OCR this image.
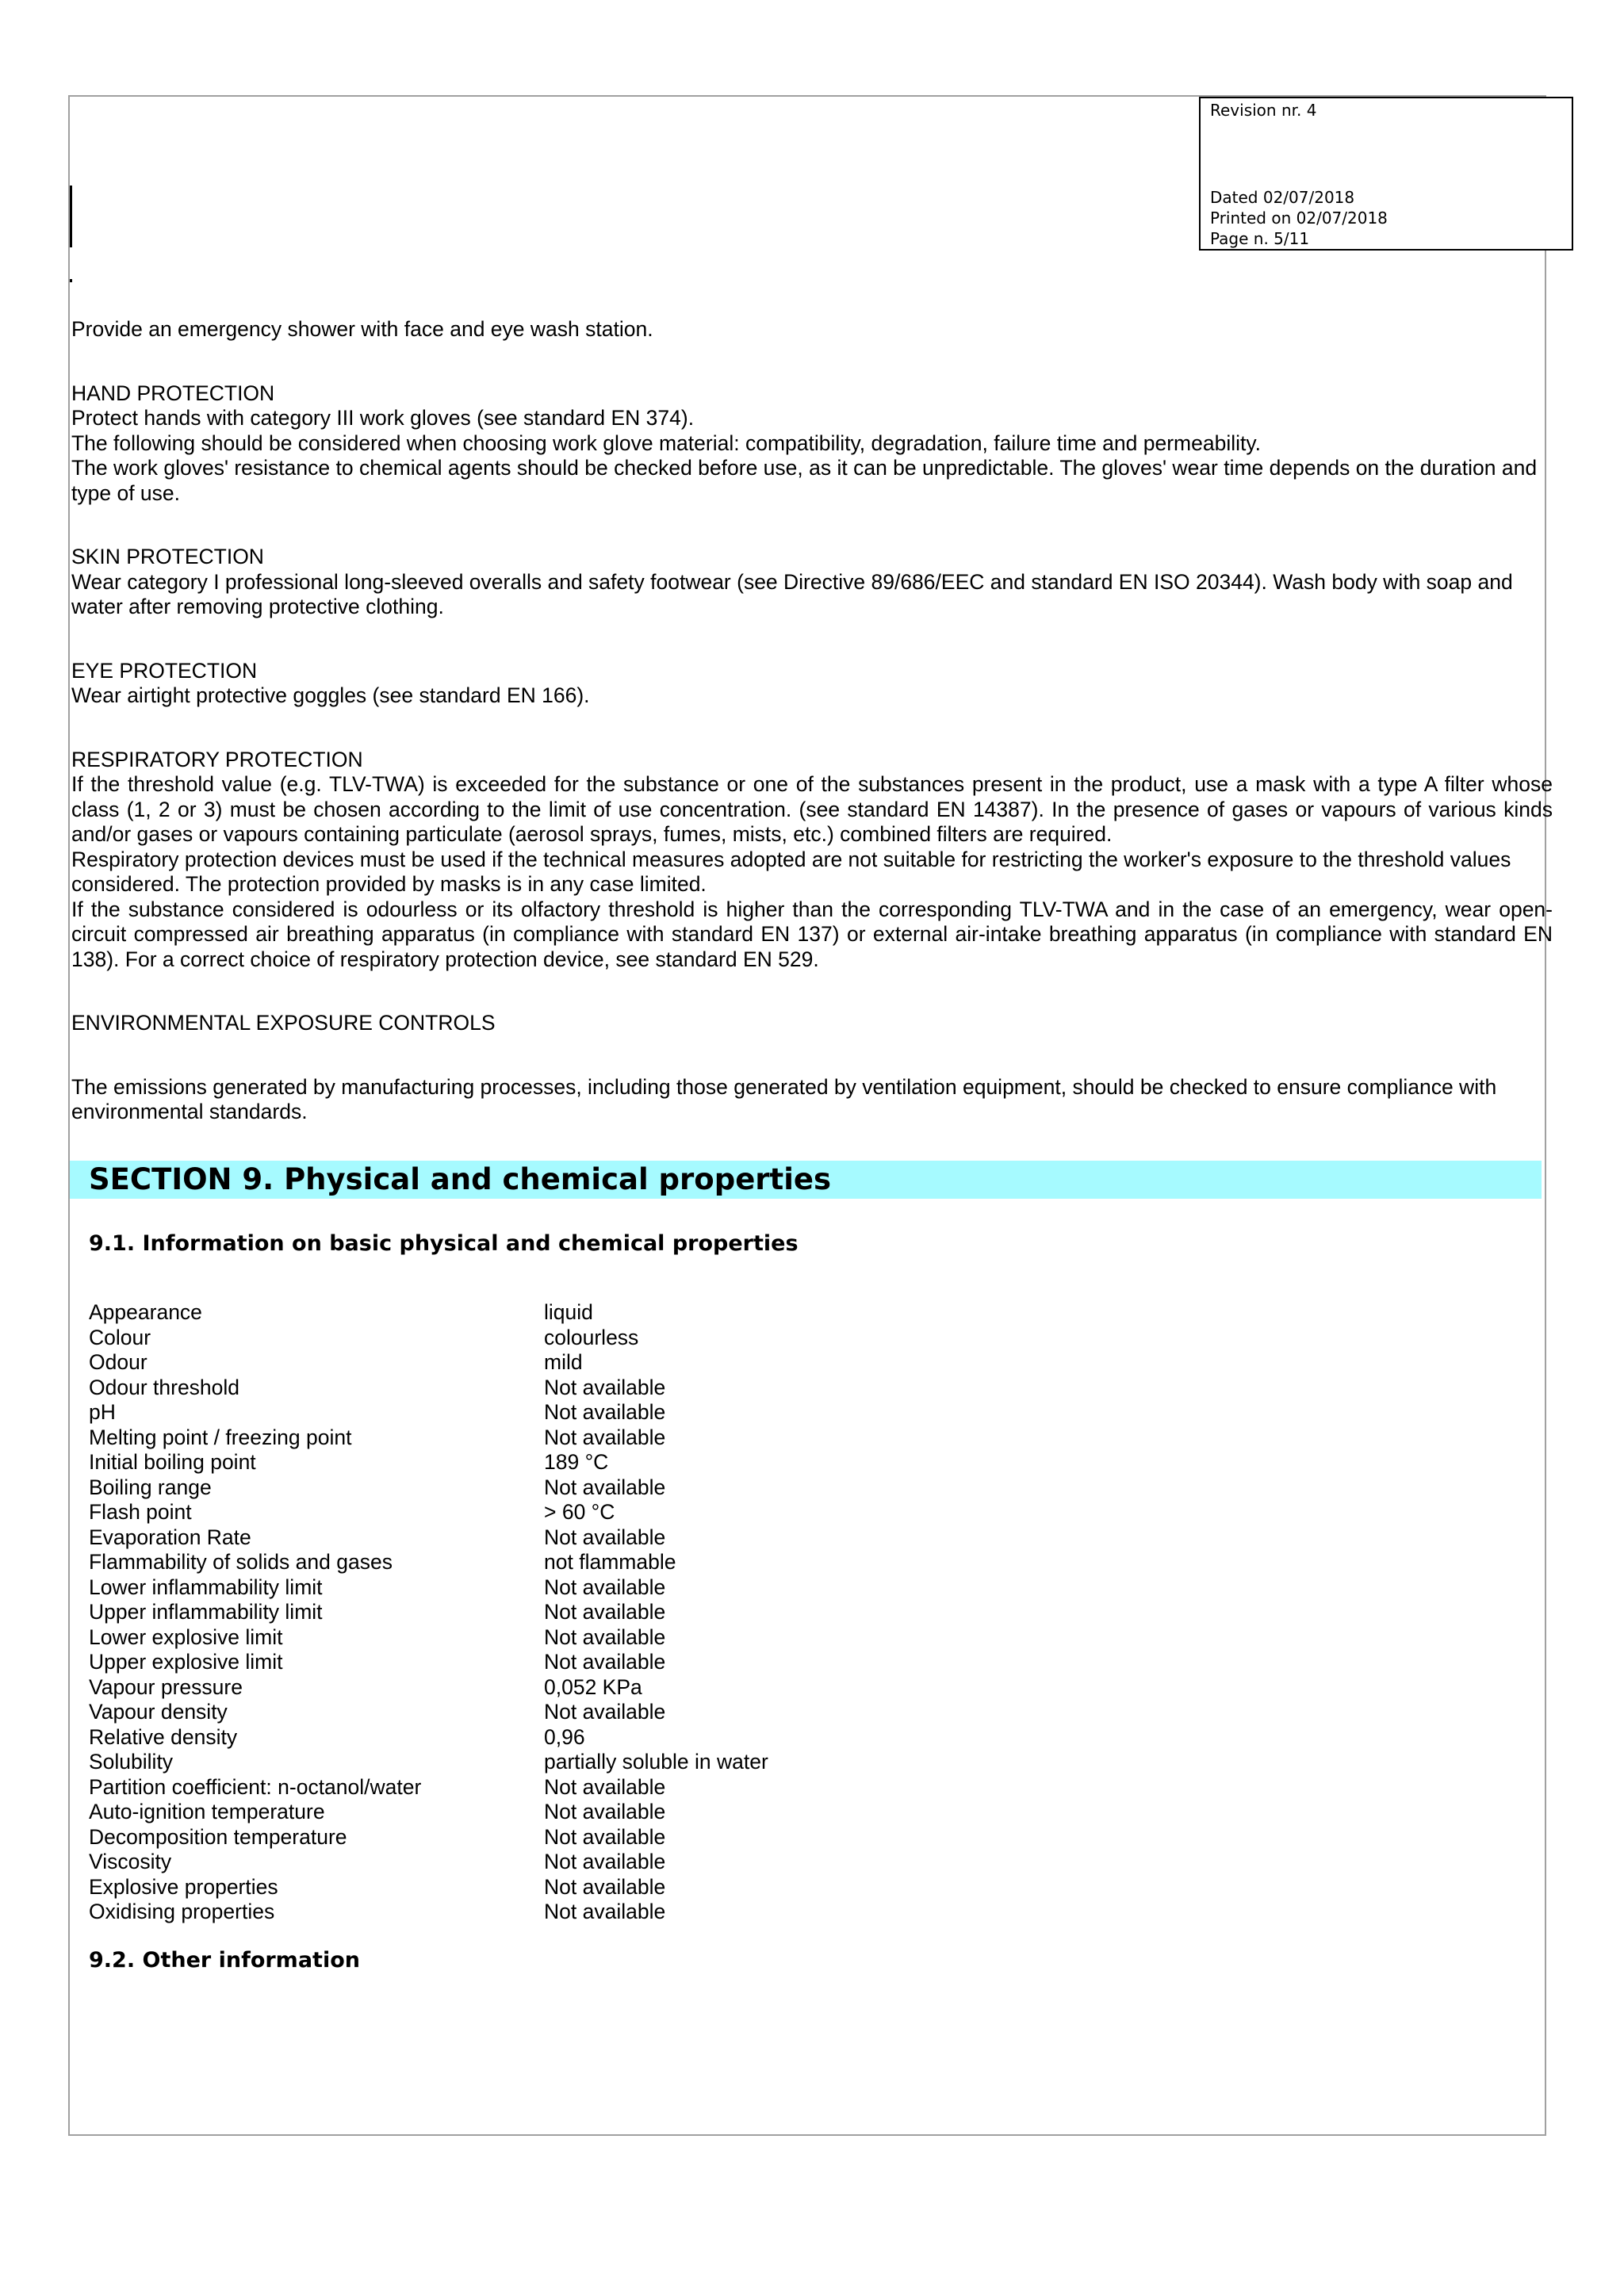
Revision nr. 4
Dated 02/07/2018
Printed on 02/07/2018
Page n. 5/11

Provide an emergency shower with face and eye wash station.

HAND PROTECTION

Protect hands with category III work gloves (see standard EN 374).

The following should be considered when choosing work glove material: compatibility, degradation, failure time and permeability.

The work gloves' resistance to chemical agents should be checked before use, as it can be unpredictable. The gloves' wear time depends on the duration and type of use.

SKIN PROTECTION

Wear category I professional long-sleeved overalls and safety footwear (see Directive 89/686/EEC and standard EN ISO 20344). Wash body with soap and water after removing protective clothing.

EYE PROTECTION

Wear airtight protective goggles (see standard EN 166).

RESPIRATORY PROTECTION

If the threshold value (e.g. TLV-TWA) is exceeded for the substance or one of the substances present in the product, use a mask with a type A filter whose class (1, 2 or 3) must be chosen according to the limit of use concentration. (see standard EN 14387). In the presence of gases or vapours of various kinds and/or gases or vapours containing particulate (aerosol sprays, fumes, mists, etc.) combined filters are required.

Respiratory protection devices must be used if the technical measures adopted are not suitable for restricting the worker's exposure to the threshold values considered. The protection provided by masks is in any case limited.

If the substance considered is odourless or its olfactory threshold is higher than the corresponding TLV-TWA and in the case of an emergency, wear open-circuit compressed air breathing apparatus (in compliance with standard EN 137) or external air-intake breathing apparatus (in compliance with standard EN 138). For a correct choice of respiratory protection device, see standard EN 529.

ENVIRONMENTAL EXPOSURE CONTROLS

The emissions generated by manufacturing processes, including those generated by ventilation equipment, should be checked to ensure compliance with environmental standards.

SECTION 9. Physical and chemical properties
9.1. Information on basic physical and chemical properties
Appearance	liquid
Colour	colourless
Odour	mild
Odour threshold	Not available
pH	Not available
Melting point / freezing point	Not available
Initial boiling point	189 °C
Boiling range	Not available
Flash point	> 60 °C
Evaporation Rate	Not available
Flammability of solids and gases	not flammable
Lower inflammability limit	Not available
Upper inflammability limit	Not available
Lower explosive limit	Not available
Upper explosive limit	Not available
Vapour pressure	0,052 KPa
Vapour density	Not available
Relative density	0,96
Solubility	partially soluble in water
Partition coefficient: n-octanol/water	Not available
Auto-ignition temperature	Not available
Decomposition temperature	Not available
Viscosity	Not available
Explosive properties	Not available
Oxidising properties	Not available
9.2. Other information
